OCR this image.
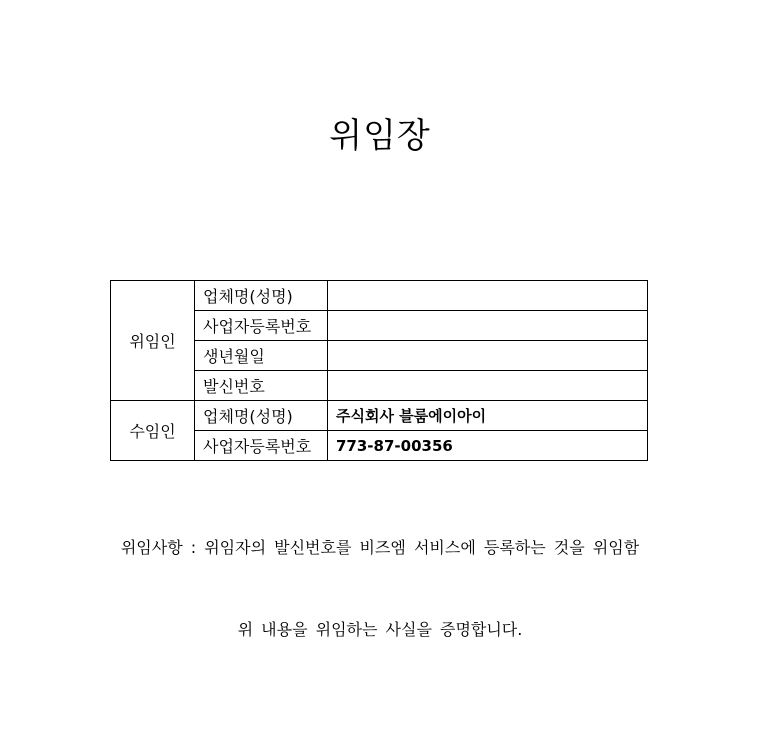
위임장
위임인	업체명(성명)	
	사업자등록번호	
	생년월일	
	발신번호	
수임인	업체명(성명)	주식회사 블룸에이아이
	사업자등록번호	773-87-00356
위임사항 : 위임자의 발신번호를 비즈엠 서비스에 등록하는 것을 위임함
위 내용을 위임하는 사실을 증명합니다.
